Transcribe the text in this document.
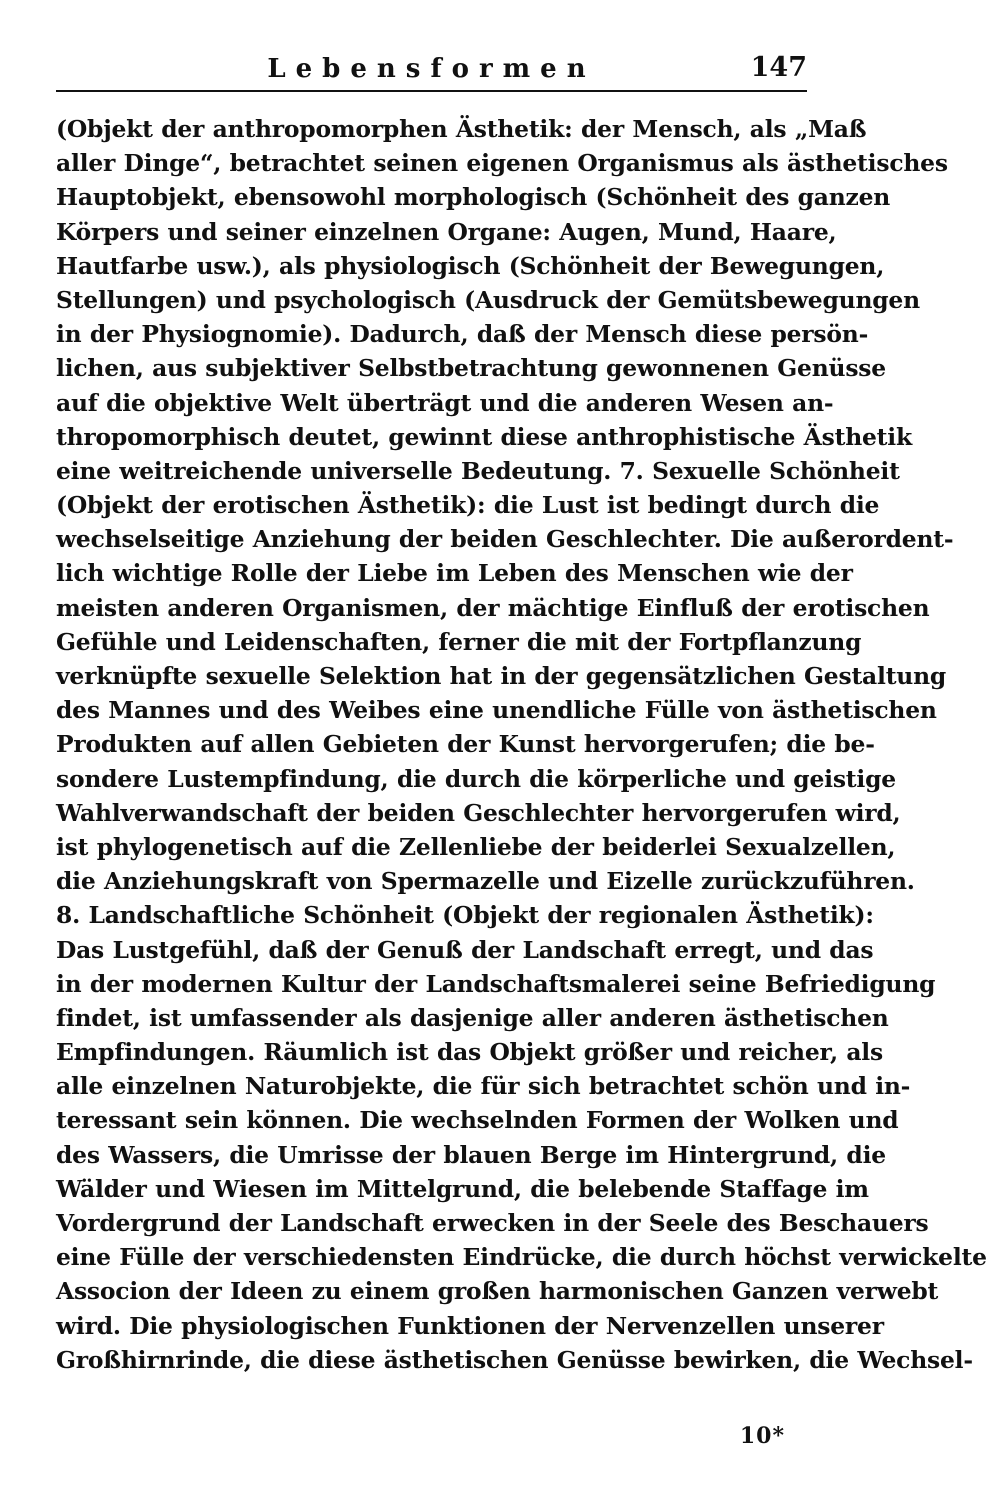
Lebensformen	147
(Objekt der anthropomorphen Ästhetik: der Mensch, als „Maß
aller Dinge“, betrachtet seinen eigenen Organismus als ästhetisches
Hauptobjekt, ebensowohl morphologisch (Schönheit des ganzen
Körpers und seiner einzelnen Organe: Augen, Mund, Haare,
Hautfarbe usw.), als physiologisch (Schönheit der Bewegungen,
Stellungen) und psychologisch (Ausdruck der Gemütsbewegungen
in der Physiognomie). Dadurch, daß der Mensch diese persön-
lichen, aus subjektiver Selbstbetrachtung gewonnenen Genüsse
auf die objektive Welt überträgt und die anderen Wesen an-
thropomorphisch deutet, gewinnt diese anthrophistische Ästhetik
eine weitreichende universelle Bedeutung. 7. Sexuelle Schönheit
(Objekt der erotischen Ästhetik): die Lust ist bedingt durch die
wechselseitige Anziehung der beiden Geschlechter. Die außerordent-
lich wichtige Rolle der Liebe im Leben des Menschen wie der
meisten anderen Organismen, der mächtige Einfluß der erotischen
Gefühle und Leidenschaften, ferner die mit der Fortpflanzung
verknüpfte sexuelle Selektion hat in der gegensätzlichen Gestaltung
des Mannes und des Weibes eine unendliche Fülle von ästhetischen
Produkten auf allen Gebieten der Kunst hervorgerufen; die be-
sondere Lustempfindung, die durch die körperliche und geistige
Wahlverwandschaft der beiden Geschlechter hervorgerufen wird,
ist phylogenetisch auf die Zellenliebe der beiderlei Sexualzellen,
die Anziehungskraft von Spermazelle und Eizelle zurückzuführen.
8. Landschaftliche Schönheit (Objekt der regionalen Ästhetik):
Das Lustgefühl, daß der Genuß der Landschaft erregt, und das
in der modernen Kultur der Landschaftsmalerei seine Befriedigung
findet, ist umfassender als dasjenige aller anderen ästhetischen
Empfindungen. Räumlich ist das Objekt größer und reicher, als
alle einzelnen Naturobjekte, die für sich betrachtet schön und in-
teressant sein können. Die wechselnden Formen der Wolken und
des Wassers, die Umrisse der blauen Berge im Hintergrund, die
Wälder und Wiesen im Mittelgrund, die belebende Staffage im
Vordergrund der Landschaft erwecken in der Seele des Beschauers
eine Fülle der verschiedensten Eindrücke, die durch höchst verwickelte
Associon der Ideen zu einem großen harmonischen Ganzen verwebt
wird. Die physiologischen Funktionen der Nervenzellen unserer
Großhirnrinde, die diese ästhetischen Genüsse bewirken, die Wechsel-
10*
